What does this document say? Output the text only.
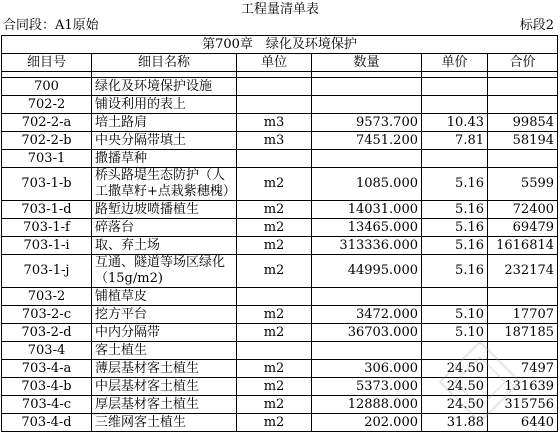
工程量清单表
合同段：A1原始	标段2
第700章　绿化及环境保护					
细目号	细目名称	单位	数量	单价	合价

700	绿化及环境保护设施				
702-2	铺设利用的表上				
702-2-a	培土路肩	m3	9573.700	10.43	99854
702-2-b	中央分隔带填土	m3	7451.200	7.81	58194
703-1	撒播草种				
703-1-b	桥头路堤生态防护（人工撒草籽+点栽紫穗槐）	m2	1085.000	5.16	5599
703-1-d	路堑边坡喷播植生	m2	14031.000	5.16	72400
703-1-f	碎落台	m2	13465.000	5.16	69479
703-1-i	取、弃土场	m2	313336.000	5.16	1616814
703-1-j	互通、隧道等场区绿化（15g/m2)	m2	44995.000	5.16	232174
703-2	铺植草皮				
703-2-c	挖方平台	m2	3472.000	5.10	17707
703-2-d	中内分隔带	m2	36703.000	5.10	187185
703-4	客土植生				
703-4-a	薄层基材客土植生	m2	306.000	24.50	7497
703-4-b	中层基材客土植生	m2	5373.000	24.50	131639
703-4-c	厚层基材客土植生	m2	12888.000	24.50	315756
703-4-d	三维网客土植生	m2	202.000	31.88	6440
